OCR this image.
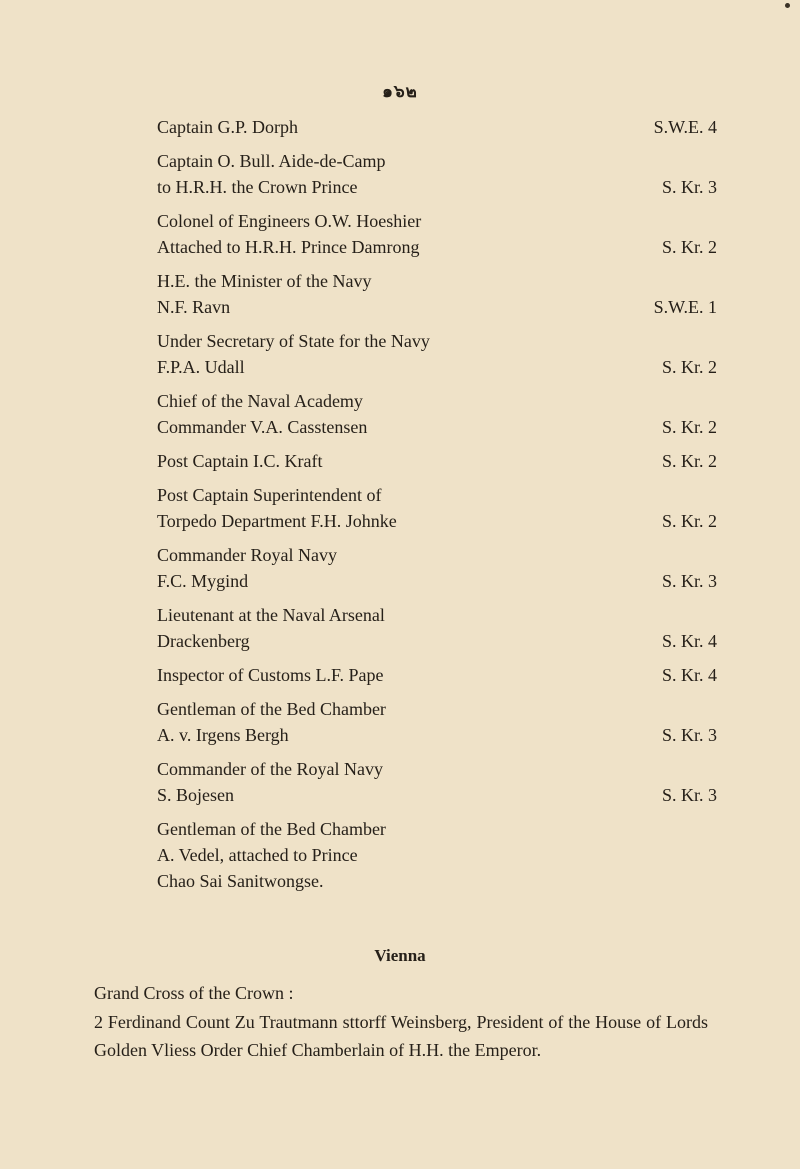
๑๖๒
Captain G.P. Dorph	S.W.E. 4
Captain O. Bull. Aide-de-Camp
to H.R.H. the Crown Prince	S. Kr. 3
Colonel of Engineers O.W. Hoeshier
Attached to H.R.H. Prince Damrong	S. Kr. 2
H.E. the Minister of the Navy
N.F. Ravn	S.W.E. 1
Under Secretary of State for the Navy
F.P.A. Udall	S. Kr. 2
Chief of the Naval Academy
Commander V.A. Casstensen	S. Kr. 2
Post Captain I.C. Kraft	S. Kr. 2
Post Captain Superintendent of
Torpedo Department F.H. Johnke	S. Kr. 2
Commander Royal Navy
F.C. Mygind	S. Kr. 3
Lieutenant at the Naval Arsenal
Drackenberg	S. Kr. 4
Inspector of Customs L.F. Pape	S. Kr. 4
Gentleman of the Bed Chamber
A. v. Irgens Bergh	S. Kr. 3
Commander of the Royal Navy
S. Bojesen	S. Kr. 3
Gentleman of the Bed Chamber
A. Vedel, attached to Prince
Chao Sai Sanitwongse.
Vienna
Grand Cross of the Crown :
2 Ferdinand Count Zu Trautmann sttorff Weinsberg, President of the House of Lords Golden Vliess Order Chief Chamberlain of H.H. the Emperor.
